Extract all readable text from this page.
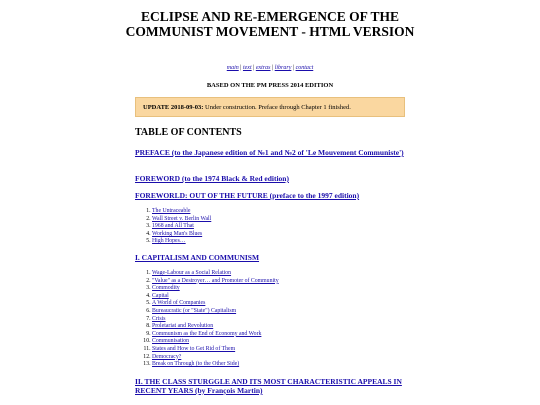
ECLIPSE AND RE-EMERGENCE OF THE COMMUNIST MOVEMENT - HTML VERSION
main | text | extras | library | contact
BASED ON THE PM PRESS 2014 EDITION
UPDATE 2018-09-03: Under construction. Preface through Chapter 1 finished.
TABLE OF CONTENTS
PREFACE (to the Japanese edition of №1 and №2 of 'Le Mouvement Communiste')
FOREWORD (to the 1974 Black & Red edition)
FOREWORLD: OUT OF THE FUTURE (preface to the 1997 edition)
1. The Untraceable
2. Wall Street v. Berlin Wall
3. 1968 and All That
4. Working Man's Blues
5. High Hopes…
I. CAPITALISM AND COMMUNISM
1. Wage-Labour as a Social Relation
2. "Value" as a Destroyer… and Promoter of Community
3. Commodity
4. Capital
5. A World of Companies
6. Bureaucratic (or "State") Capitalism
7. Crisis
8. Proletariat and Revolution
9. Communism as the End of Economy and Work
10. Communisation
11. States and How to Get Rid of Them
12. Democracy?
13. Break on Through (to the Other Side)
II. THE CLASS STURGGLE AND ITS MOST CHARACTERISTIC APPEALS IN RECENT YEARS (by François Martin)
